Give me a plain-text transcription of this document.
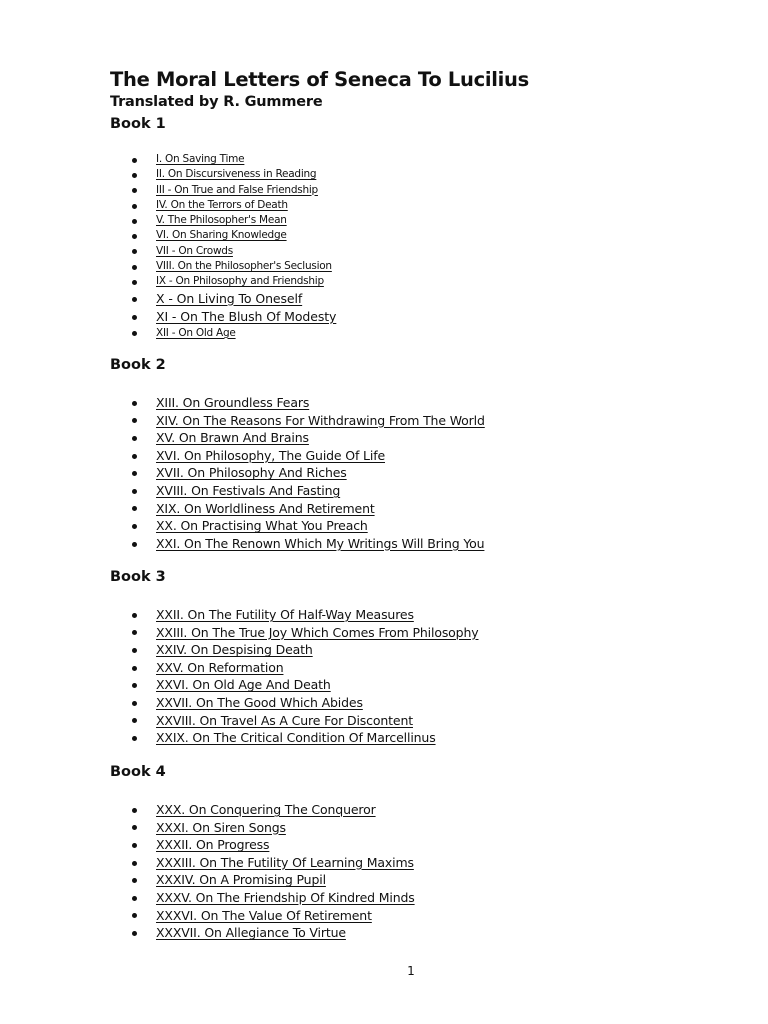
The Moral Letters of Seneca To Lucilius
Translated by R. Gummere
Book 1
I. On Saving Time
II. On Discursiveness in Reading
III - On True and False Friendship
IV. On the Terrors of Death
V. The Philosopher's Mean
VI. On Sharing Knowledge
VII - On Crowds
VIII. On the Philosopher's Seclusion
IX - On Philosophy and Friendship
X - On Living To Oneself
XI - On The Blush Of Modesty
XII - On Old Age
Book 2
XIII. On Groundless Fears
XIV. On The Reasons For Withdrawing From The World
XV. On Brawn And Brains
XVI. On Philosophy, The Guide Of Life
XVII. On Philosophy And Riches
XVIII. On Festivals And Fasting
XIX. On Worldliness And Retirement
XX. On Practising What You Preach
XXI. On The Renown Which My Writings Will Bring You
Book 3
XXII. On The Futility Of Half-Way Measures
XXIII. On The True Joy Which Comes From Philosophy
XXIV. On Despising Death
XXV. On Reformation
XXVI. On Old Age And Death
XXVII. On The Good Which Abides
XXVIII. On Travel As A Cure For Discontent
XXIX. On The Critical Condition Of Marcellinus
Book 4
XXX. On Conquering The Conqueror
XXXI. On Siren Songs
XXXII. On Progress
XXXIII. On The Futility Of Learning Maxims
XXXIV. On A Promising Pupil
XXXV. On The Friendship Of Kindred Minds
XXXVI. On The Value Of Retirement
XXXVII. On Allegiance To Virtue
1
